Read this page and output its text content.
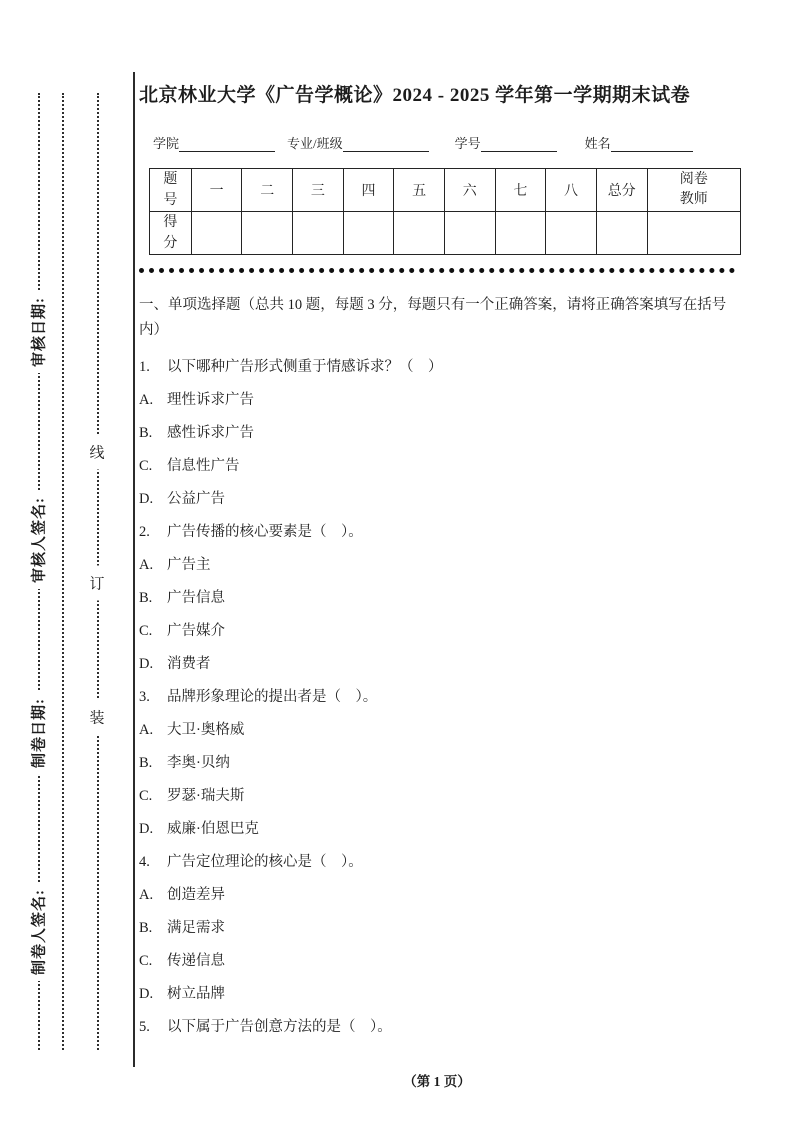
审核日期:
审核人签名:
制卷日期:
制卷人签名:
线
订
装
北京林业大学《广告学概论》2024 - 2025 学年第一学期期末试卷
学院	专业/班级	学号	姓名
题号	一	二	三	四	五	六	七	八	总分	阅卷教师
得分										
一、单项选择题（总共 10 题，每题 3 分，每题只有一个正确答案，请将正确答案填写在括号内）
1. 以下哪种广告形式侧重于情感诉求？（　）
A. 理性诉求广告
B. 感性诉求广告
C. 信息性广告
D. 公益广告
2. 广告传播的核心要素是（　）。
A. 广告主
B. 广告信息
C. 广告媒介
D. 消费者
3. 品牌形象理论的提出者是（　）。
A. 大卫·奥格威
B. 李奥·贝纳
C. 罗瑟·瑞夫斯
D. 威廉·伯恩巴克
4. 广告定位理论的核心是（　）。
A. 创造差异
B. 满足需求
C. 传递信息
D. 树立品牌
5. 以下属于广告创意方法的是（　）。
（第 1 页）
